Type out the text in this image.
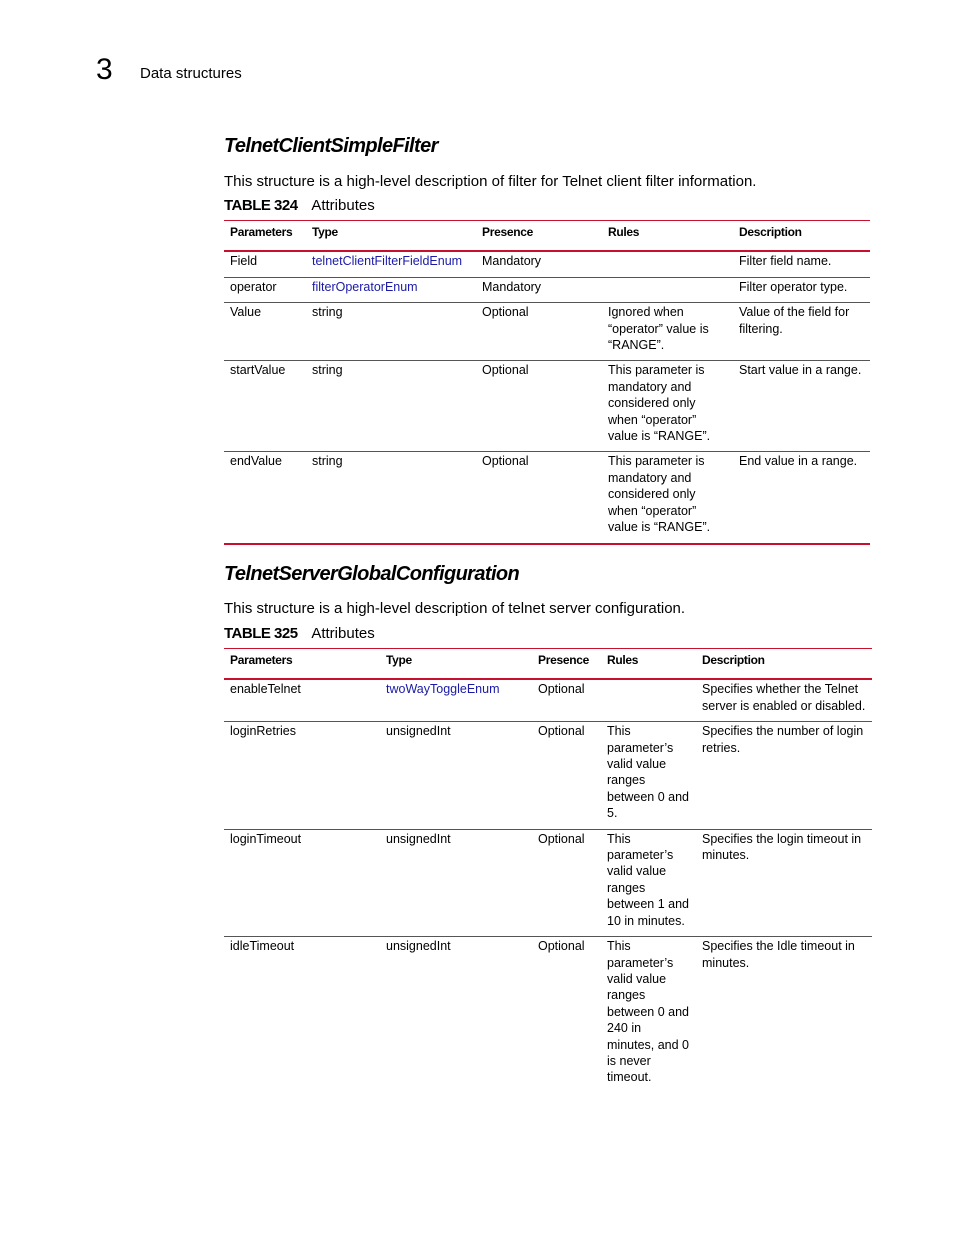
3 Data structures
TelnetClientSimpleFilter

This structure is a high-level description of filter for Telnet client filter information.

TABLE 324 Attributes
Parameters	Type	Presence	Rules	Description
Field	telnetClientFilterFieldEnum	Mandatory		Filter field name.
operator	filterOperatorEnum	Mandatory		Filter operator type.
Value	string	Optional	Ignored when “operator” value is “RANGE”.	Value of the field for filtering.
startValue	string	Optional	This parameter is mandatory and considered only when “operator” value is “RANGE”.	Start value in a range.
endValue	string	Optional	This parameter is mandatory and considered only when “operator” value is “RANGE”.	End value in a range.
TelnetServerGlobalConfiguration

This structure is a high-level description of telnet server configuration.

TABLE 325 Attributes
Parameters	Type	Presence	Rules	Description
enableTelnet	twoWayToggleEnum	Optional		Specifies whether the Telnet server is enabled or disabled.
loginRetries	unsignedInt	Optional	This parameter’s valid value ranges between 0 and 5.	Specifies the number of login retries.
loginTimeout	unsignedInt	Optional	This parameter’s valid value ranges between 1 and 10 in minutes.	Specifies the login timeout in minutes.
idleTimeout	unsignedInt	Optional	This parameter’s valid value ranges between 0 and 240 in minutes, and 0 is never timeout.	Specifies the Idle timeout in minutes.
